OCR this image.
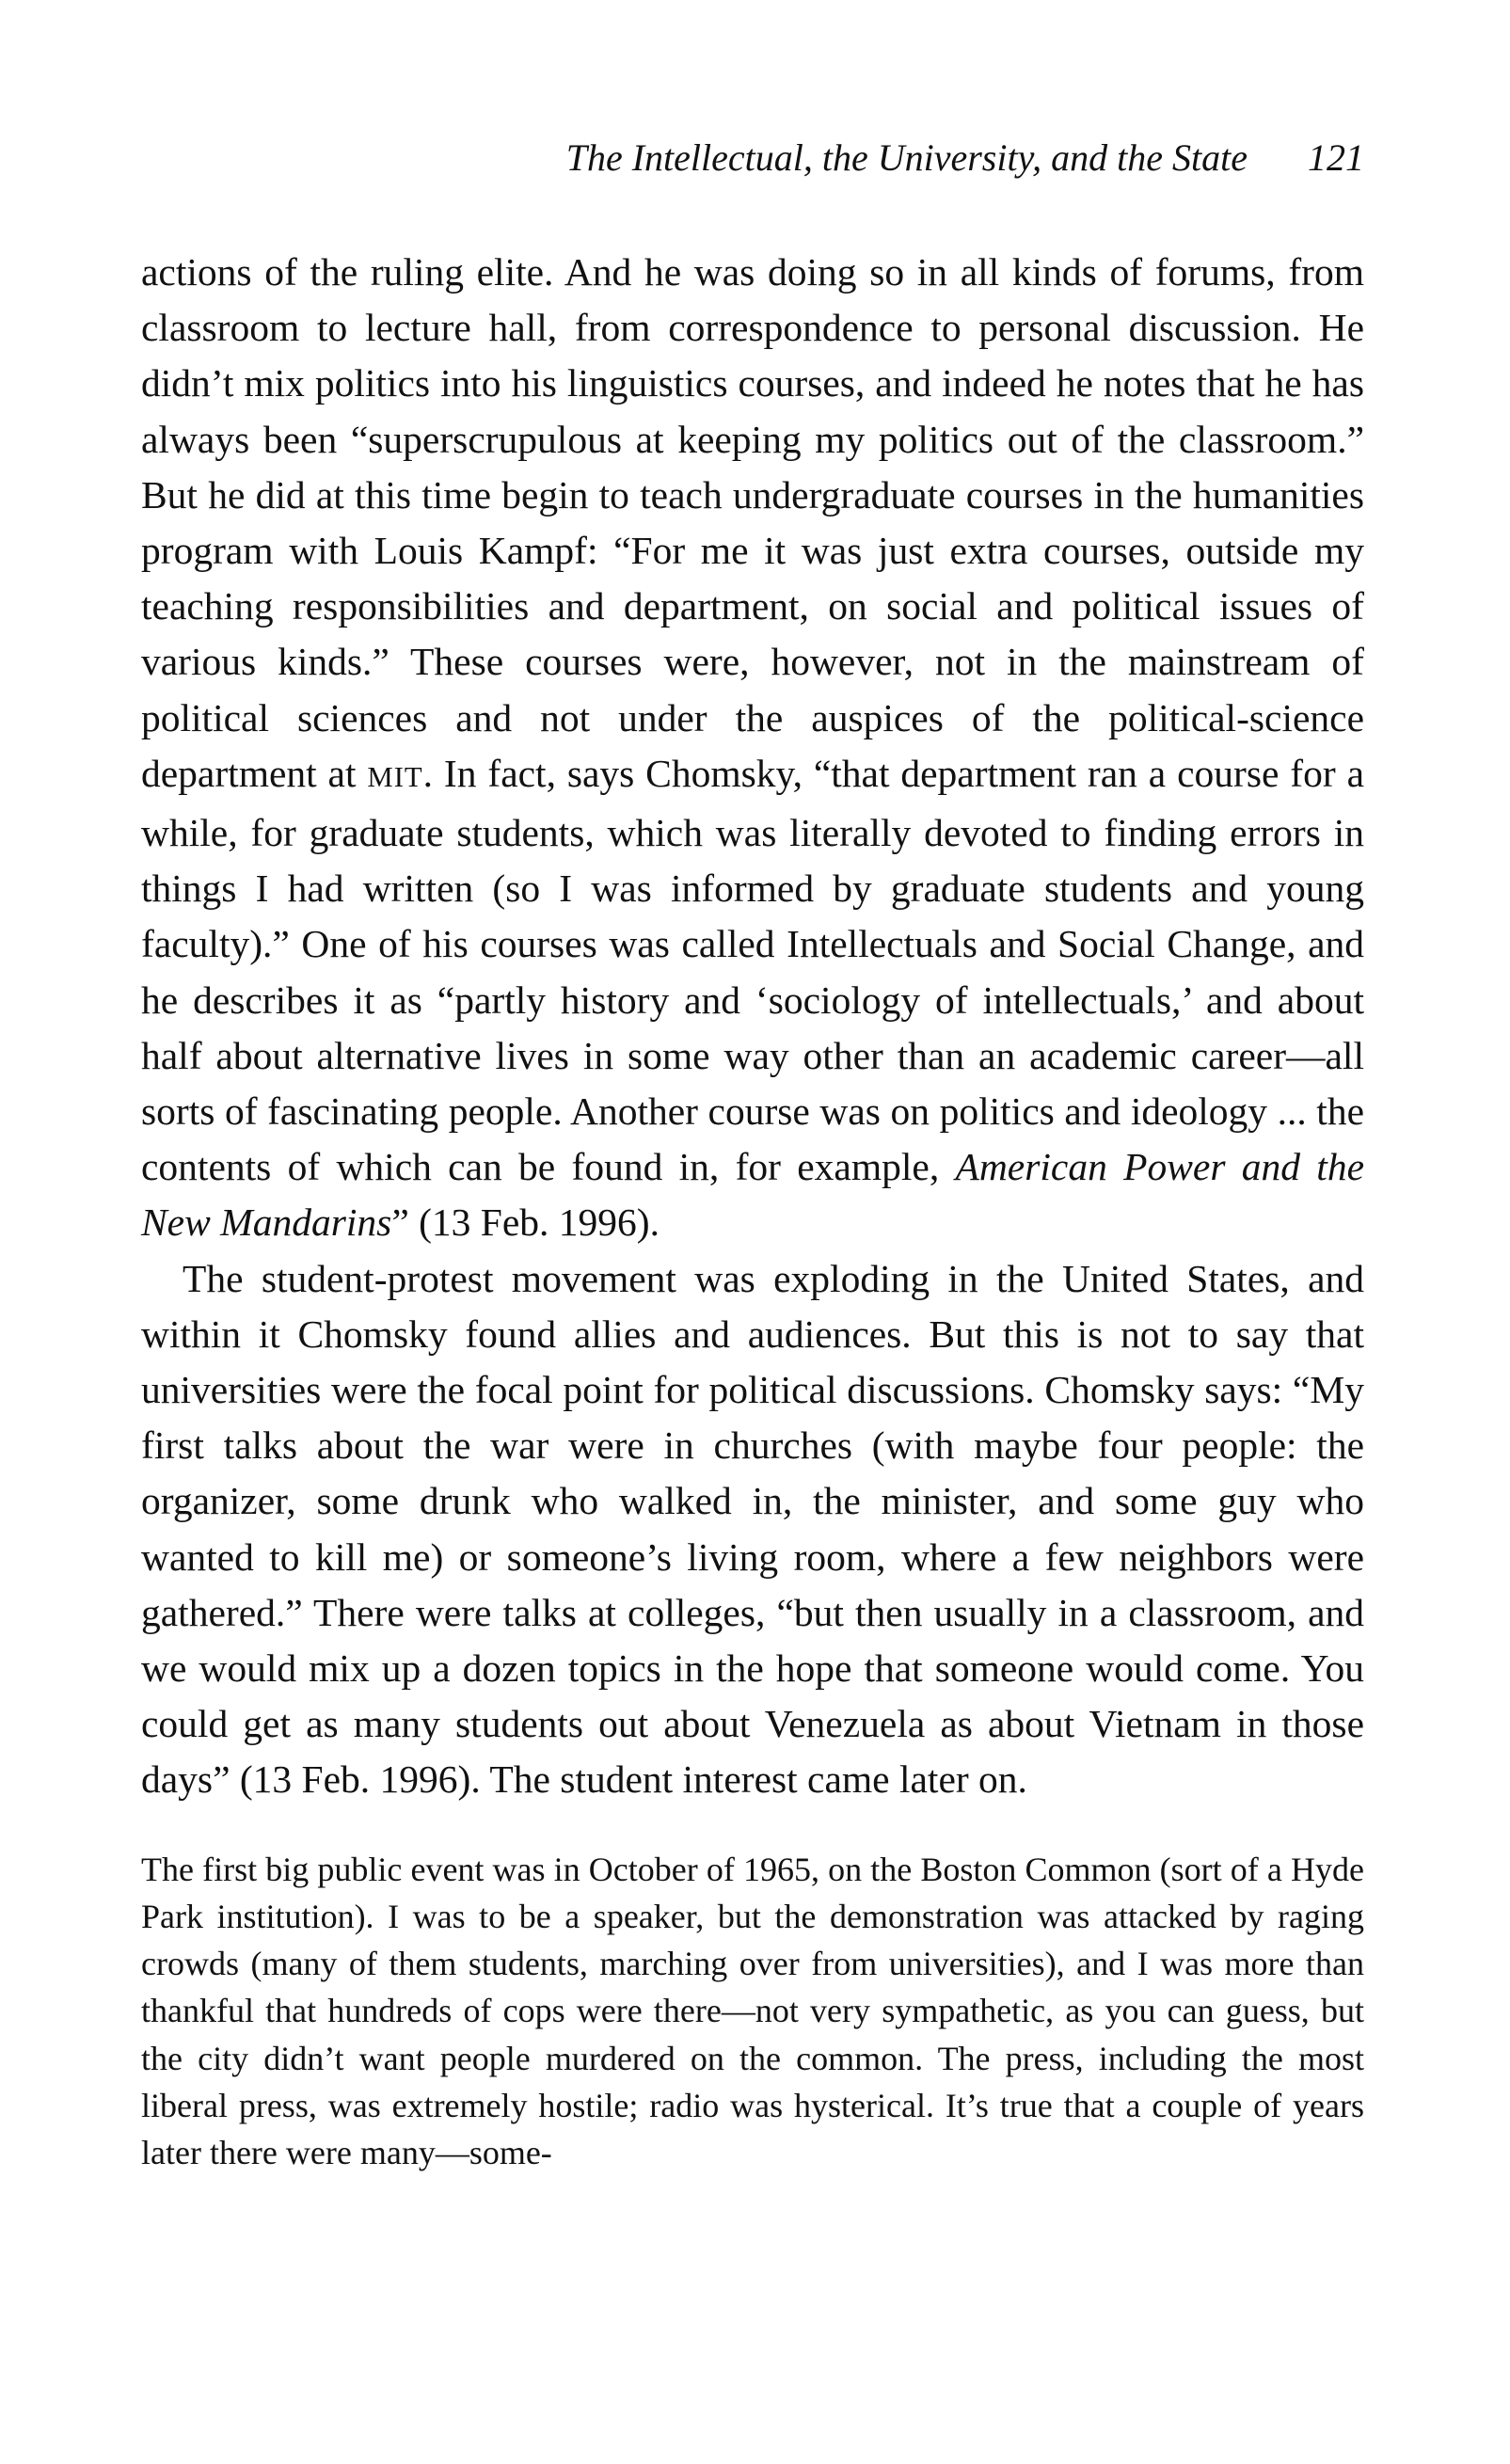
The Intellectual, the University, and the State 121

actions of the ruling elite. And he was doing so in all kinds of forums, from classroom to lecture hall, from correspondence to personal discussion. He didn’t mix politics into his linguistics courses, and indeed he notes that he has always been “superscrupulous at keeping my politics out of the classroom.” But he did at this time begin to teach undergraduate courses in the humanities program with Louis Kampf: “For me it was just extra courses, outside my teaching responsibilities and department, on social and political issues of various kinds.” These courses were, however, not in the mainstream of political sciences and not under the auspices of the political-science department at MIT. In fact, says Chomsky, “that department ran a course for a while, for graduate students, which was literally devoted to finding errors in things I had written (so I was informed by graduate students and young faculty).” One of his courses was called Intellectuals and Social Change, and he describes it as “partly history and ‘sociology of intellectuals,’ and about half about alternative lives in some way other than an academic career—all sorts of fascinating people. Another course was on politics and ideology ... the contents of which can be found in, for example, American Power and the New Mandarins” (13 Feb. 1996).

The student-protest movement was exploding in the United States, and within it Chomsky found allies and audiences. But this is not to say that universities were the focal point for political discussions. Chomsky says: “My first talks about the war were in churches (with maybe four people: the organizer, some drunk who walked in, the minister, and some guy who wanted to kill me) or someone’s living room, where a few neighbors were gathered.” There were talks at colleges, “but then usually in a classroom, and we would mix up a dozen topics in the hope that someone would come. You could get as many students out about Venezuela as about Vietnam in those days” (13 Feb. 1996). The student interest came later on.

The first big public event was in October of 1965, on the Boston Common (sort of a Hyde Park institution). I was to be a speaker, but the demonstration was attacked by raging crowds (many of them students, marching over from universities), and I was more than thankful that hundreds of cops were there—not very sympathetic, as you can guess, but the city didn’t want people murdered on the common. The press, including the most liberal press, was extremely hostile; radio was hysterical. It’s true that a couple of years later there were many—some-
